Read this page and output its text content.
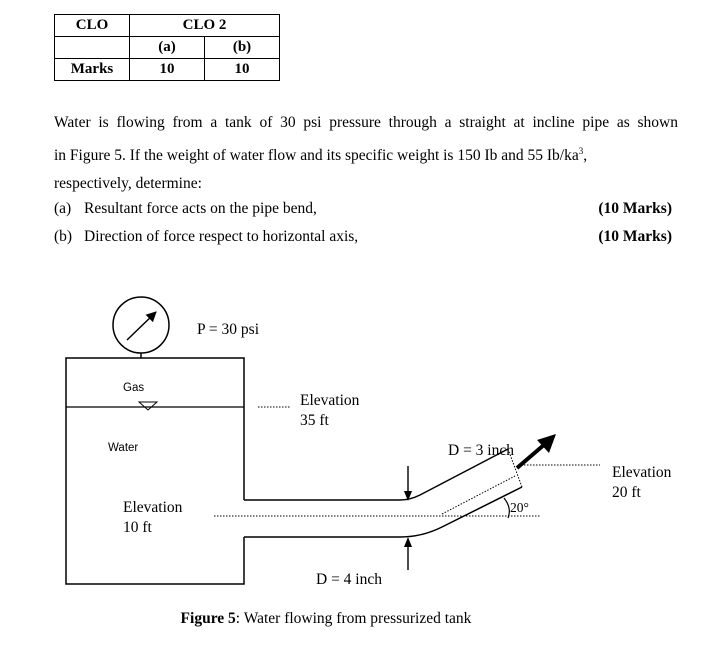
CLO	CLO 2	
	(a)	(b)
Marks	10	10

Water is flowing from a tank of 30 psi pressure through a straight at incline pipe as shown
in Figure 5. If the weight of water flow and its specific weight is 150 Ib and 55 $Ib/ka^3$,
respectively, determine:

(a) Resultant force acts on the pipe bend,	(10 Marks)
(b) Direction of force respect to horizontal axis,	(10 Marks)
P = 30 psi
Gas
Water
Elevation
35 ft
Elevation
10 ft
Elevation
20 ft
D = 3 inch
D = 4 inch
20°
Figure 5: Water flowing from pressurized tank
